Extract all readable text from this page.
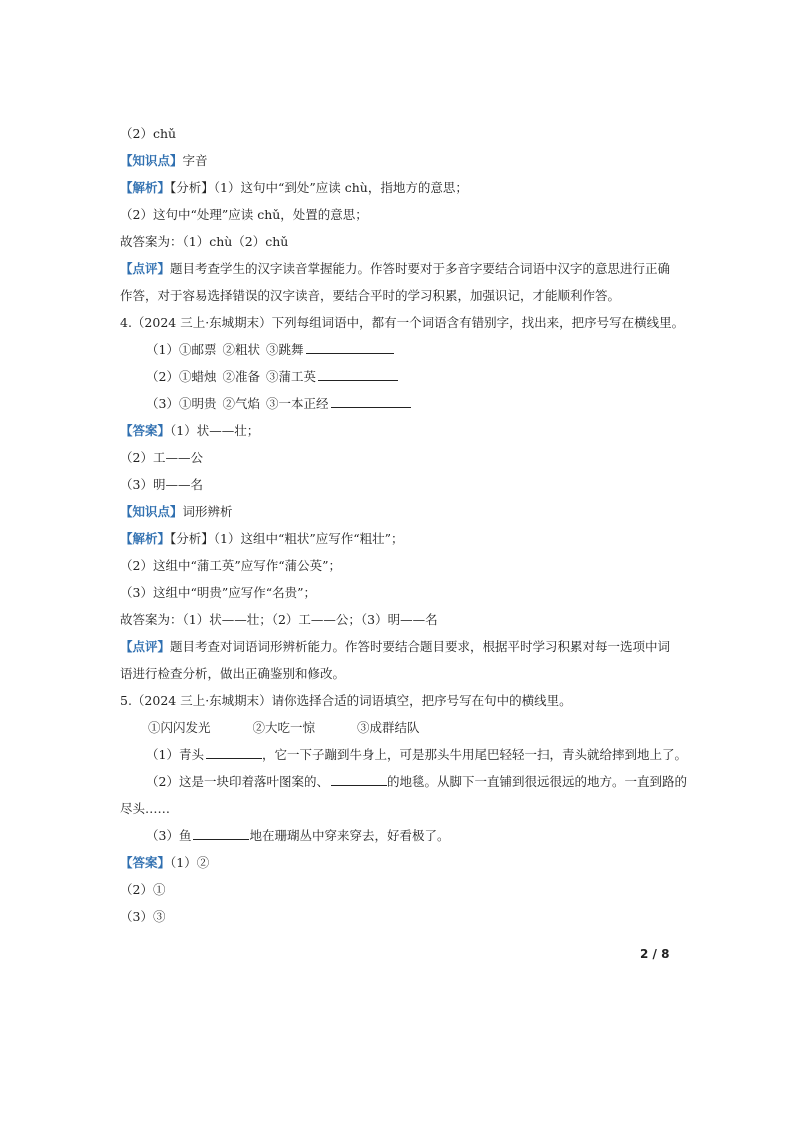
（2）chǔ
【知识点】字音
【解析】【分析】（1）这句中“到处”应读 chù，指地方的意思；
（2）这句中“处理”应读 chǔ，处置的意思；
故答案为：（1）chù（2）chǔ
【点评】题目考查学生的汉字读音掌握能力。作答时要对于多音字要结合词语中汉字的意思进行正确
作答，对于容易选择错误的汉字读音，要结合平时的学习积累，加强识记，才能顺利作答。
4.（2024 三上·东城期末）下列每组词语中，都有一个词语含有错别字，找出来，把序号写在横线里。
（1）①邮票 ②粗状 ③跳舞
（2）①蜡烛 ②准备 ③蒲工英
（3）①明贵 ②气焰 ③一本正经
【答案】（1）状——壮；
（2）工——公
（3）明——名
【知识点】词形辨析
【解析】【分析】（1）这组中“粗状”应写作“粗壮”；
（2）这组中“蒲工英”应写作“蒲公英”；
（3）这组中“明贵”应写作“名贵”；
故答案为：（1）状——壮；（2）工——公；（3）明——名
【点评】题目考查对词语词形辨析能力。作答时要结合题目要求，根据平时学习积累对每一选项中词
语进行检查分析，做出正确鉴别和修改。
5.（2024 三上·东城期末）请你选择合适的词语填空，把序号写在句中的横线里。
①闪闪发光	②大吃一惊	③成群结队
（1）青头	，它一下子蹦到牛身上，可是那头牛用尾巴轻轻一扫，青头就给摔到地上了。
（2）这是一块印着落叶图案的、	的地毯。从脚下一直铺到很远很远的地方。一直到路的
尽头……
（3）鱼	地在珊瑚丛中穿来穿去，好看极了。
【答案】（1）②
（2）①
（3）③
2 / 8
